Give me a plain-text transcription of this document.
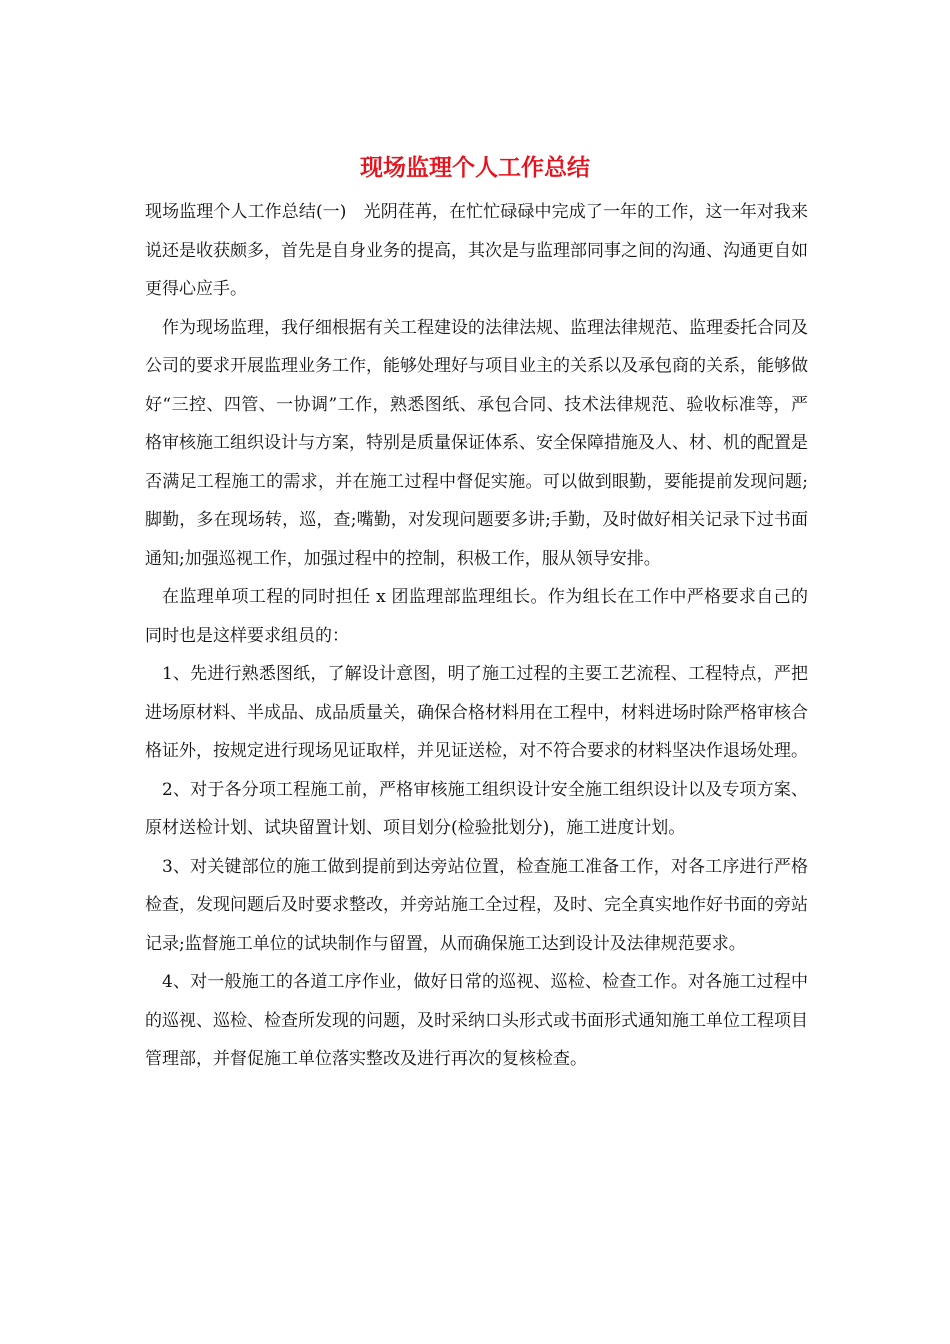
现场监理个人工作总结

现场监理个人工作总结(一)　光阴荏苒，在忙忙碌碌中完成了一年的工作，这一年对我来说还是收获颇多，首先是自身业务的提高，其次是与监理部同事之间的沟通、沟通更自如更得心应手。

作为现场监理，我仔细根据有关工程建设的法律法规、监理法律规范、监理委托合同及公司的要求开展监理业务工作，能够处理好与项目业主的关系以及承包商的关系，能够做好“三控、四管、一协调”工作，熟悉图纸、承包合同、技术法律规范、验收标准等，严格审核施工组织设计与方案，特别是质量保证体系、安全保障措施及人、材、机的配置是否满足工程施工的需求，并在施工过程中督促实施。可以做到眼勤，要能提前发现问题;脚勤，多在现场转，巡，查;嘴勤，对发现问题要多讲;手勤，及时做好相关记录下过书面通知;加强巡视工作，加强过程中的控制，积极工作，服从领导安排。

在监理单项工程的同时担任 x 团监理部监理组长。作为组长在工作中严格要求自己的同时也是这样要求组员的：

1、先进行熟悉图纸，了解设计意图，明了施工过程的主要工艺流程、工程特点，严把进场原材料、半成品、成品质量关，确保合格材料用在工程中，材料进场时除严格审核合格证外，按规定进行现场见证取样，并见证送检，对不符合要求的材料坚决作退场处理。

2、对于各分项工程施工前，严格审核施工组织设计安全施工组织设计以及专项方案、原材送检计划、试块留置计划、项目划分(检验批划分)，施工进度计划。

3、对关键部位的施工做到提前到达旁站位置，检查施工准备工作，对各工序进行严格检查，发现问题后及时要求整改，并旁站施工全过程，及时、完全真实地作好书面的旁站记录;监督施工单位的试块制作与留置，从而确保施工达到设计及法律规范要求。

4、对一般施工的各道工序作业，做好日常的巡视、巡检、检查工作。对各施工过程中的巡视、巡检、检查所发现的问题，及时采纳口头形式或书面形式通知施工单位工程项目管理部，并督促施工单位落实整改及进行再次的复核检查。
